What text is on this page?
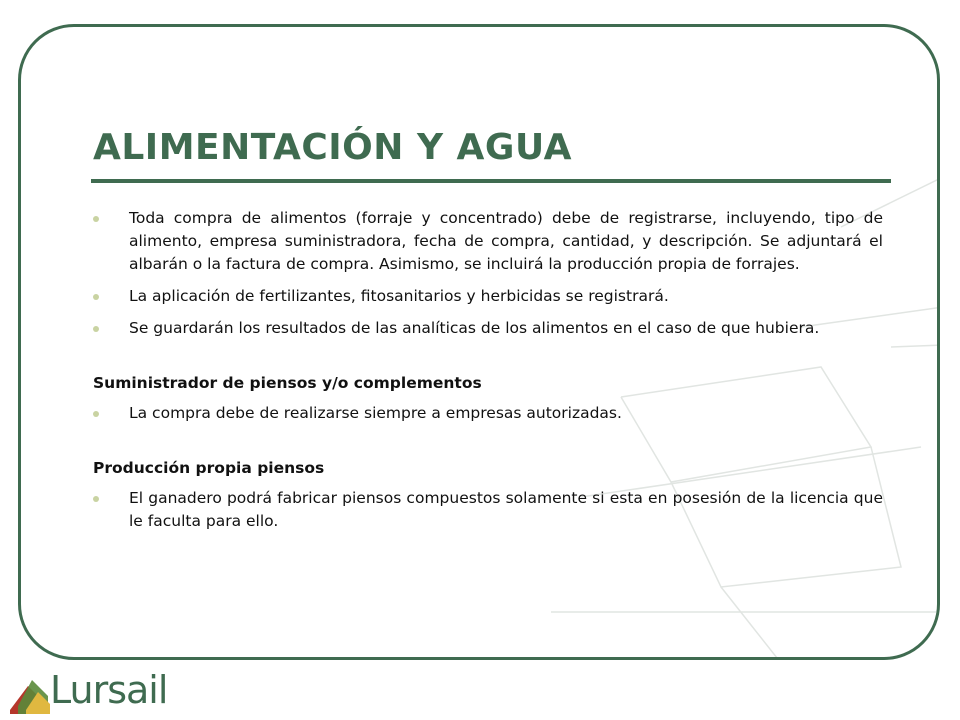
ALIMENTACIÓN Y AGUA
Toda compra de alimentos (forraje y concentrado) debe de registrarse, incluyendo, tipo de alimento, empresa suministradora, fecha de compra, cantidad, y descripción. Se adjuntará el albarán o la factura de compra. Asimismo, se incluirá la producción propia de forrajes.
La aplicación de fertilizantes, fitosanitarios y herbicidas se registrará.
Se guardarán los resultados de las analíticas de los alimentos en el caso de que hubiera.
Suministrador de piensos y/o complementos
La compra debe de realizarse siempre a empresas autorizadas.
Producción propia piensos
El ganadero podrá fabricar piensos compuestos solamente si esta en posesión de la licencia que le faculta para ello.
Lursail
